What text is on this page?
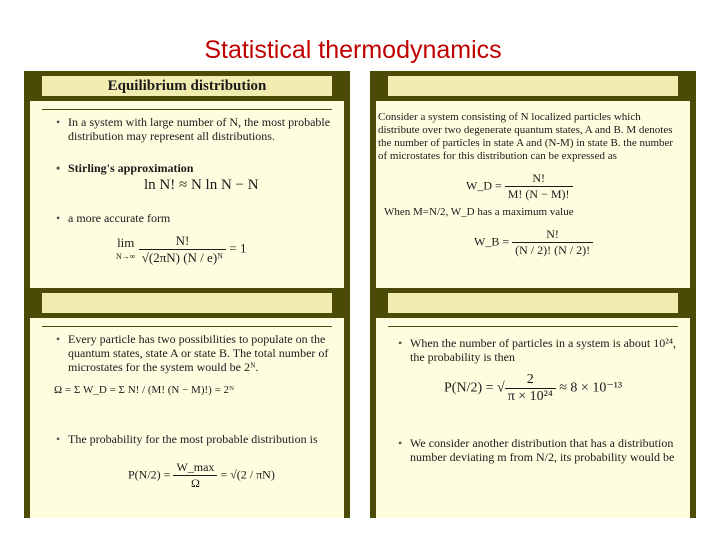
Statistical thermodynamics
Equilibrium distribution
• In a system with large number of N, the most probable distribution may represent all distributions.
• Stirling's approximation
ln N! ≈ N ln N − N
• a more accurate form
lim
$N\to\infty \frac{N!}{\text{√(2πN) (N / e)ᴺ}} = 1$
Consider a system consisting of N localized particles which distribute over two degenerate quantum states, A and B. M denotes the number of particles in state A and (N-M) in state B. the number of microstates for this distribution can be expressed as
W_D = $\frac{N!}{M! (N - M)!}$
When M=N/2, W_D has a maximum value
W_B = $\frac{N!}{(N / 2)! (N / 2)!}$
• Every particle has two possibilities to populate on the quantum states, state A or state B. The total number of microstates for the system would be 2ᴺ.
Ω = Σ W_D = Σ N! / (M! (N − M)!) = 2ᴺ
• The probability for the most probable distribution is
$P(N/2) = \frac{W\_\max}{\Omega} = √(2 / \pi N)$
• When the number of particles in a system is about 10²⁴, the probability is then
P(N/2) = √ $\frac{2}{\text{π × 10²⁴}} \approx 8 \times 10^{-13}$
• We consider another distribution that has a distribution number deviating m from N/2, its probability would be
